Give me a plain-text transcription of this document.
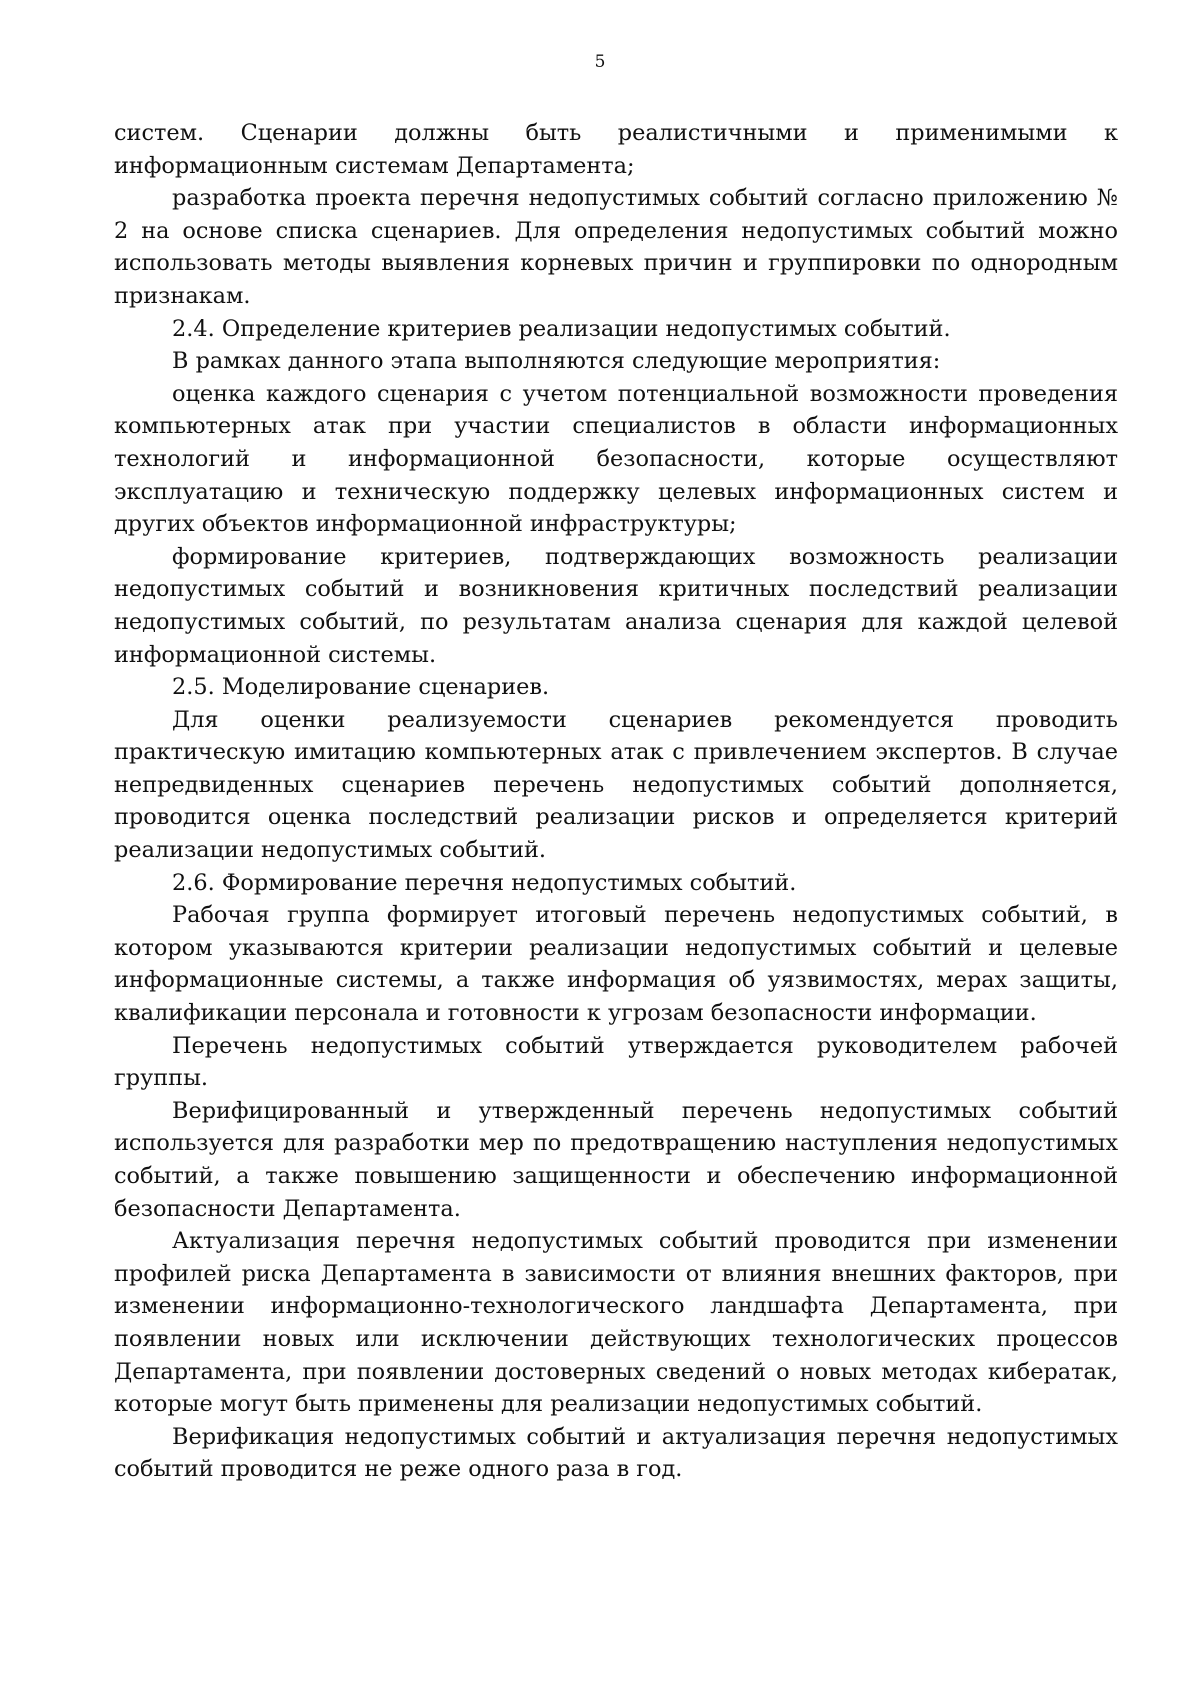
5

систем. Сценарии должны быть реалистичными и применимыми к информационным системам Департамента;

разработка проекта перечня недопустимых событий согласно приложению № 2 на основе списка сценариев. Для определения недопустимых событий можно использовать методы выявления корневых причин и группировки по однородным признакам.

2.4. Определение критериев реализации недопустимых событий.

В рамках данного этапа выполняются следующие мероприятия:

оценка каждого сценария с учетом потенциальной возможности проведения компьютерных атак при участии специалистов в области информационных технологий и информационной безопасности, которые осуществляют эксплуатацию и техническую поддержку целевых информационных систем и других объектов информационной инфраструктуры;

формирование критериев, подтверждающих возможность реализации недопустимых событий и возникновения критичных последствий реализации недопустимых событий, по результатам анализа сценария для каждой целевой информационной системы.

2.5. Моделирование сценариев.

Для оценки реализуемости сценариев рекомендуется проводить практическую имитацию компьютерных атак с привлечением экспертов. В случае непредвиденных сценариев перечень недопустимых событий дополняется, проводится оценка последствий реализации рисков и определяется критерий реализации недопустимых событий.

2.6. Формирование перечня недопустимых событий.

Рабочая группа формирует итоговый перечень недопустимых событий, в котором указываются критерии реализации недопустимых событий и целевые информационные системы, а также информация об уязвимостях, мерах защиты, квалификации персонала и готовности к угрозам безопасности информации.

Перечень недопустимых событий утверждается руководителем рабочей группы.

Верифицированный и утвержденный перечень недопустимых событий используется для разработки мер по предотвращению наступления недопустимых событий, а также повышению защищенности и обеспечению информационной безопасности Департамента.

Актуализация перечня недопустимых событий проводится при изменении профилей риска Департамента в зависимости от влияния внешних факторов, при изменении информационно-технологического ландшафта Департамента, при появлении новых или исключении действующих технологических процессов Департамента, при появлении достоверных сведений о новых методах кибератак, которые могут быть применены для реализации недопустимых событий.

Верификация недопустимых событий и актуализация перечня недопустимых событий проводится не реже одного раза в год.
